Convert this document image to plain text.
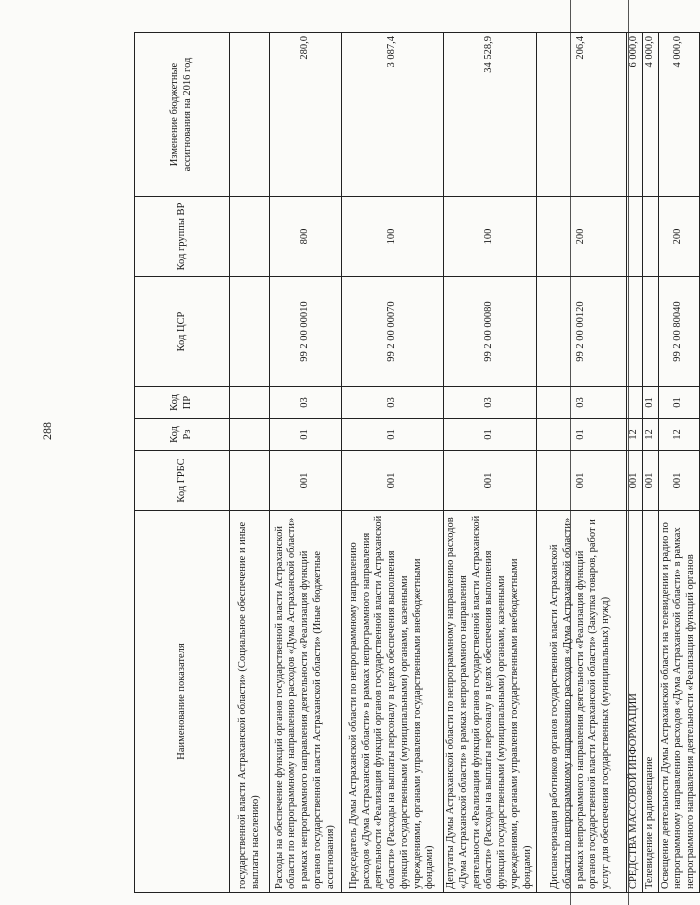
288
Наименование показателя	Код ГРБС	Код Рз	Код ПР	Код ЦСР	Код группы ВР	Изменение бюджетные ассигнования на 2016 год
государственной власти Астраханской области» (Социальное обеспечение и иные выплаты населению)						
Расходы на обеспечение функций органов государственной власти Астраханской области по непрограммному направлению расходов «Дума Астраханской области» в рамках непрограммного направления деятельности «Реализация функций органов государственной власти Астраханской области» (Иные бюджетные ассигнования)	001	01	03	99 2 00 00010	800	280,0
Председатель Думы Астраханской области по непрограммному направлению расходов «Дума Астраханской области» в рамках непрограммного направления деятельности «Реализация функций органов государственной власти Астраханской области» (Расходы на выплаты персоналу в целях обеспечения выполнения функций государственными (муниципальными) органами, казенными учреждениями, органами управления государственными внебюджетными фондами)	001	01	03	99 2 00 00070	100	3 087,4
Депутаты Думы Астраханской области по непрограммному направлению расходов «Дума Астраханской области» в рамках непрограммного направления деятельности «Реализация функций органов государственной власти Астраханской области» (Расходы на выплаты персоналу в целях обеспечения выполнения функций государственными (муниципальными) органами, казенными учреждениями, органами управления государственными внебюджетными фондами)	001	01	03	99 2 00 00080	100	34 528,9
Диспансеризация работников органов государственной власти Астраханской области по непрограммному направлению расходов «Дума Астраханской области» в рамках непрограммного направления деятельности «Реализация функций органов государственной власти Астраханской области» (Закупка товаров, работ и услуг для обеспечения государственных (муниципальных) нужд)	001	01	03	99 2 00 00120	200	206,4
СРЕДСТВА МАССОВОЙ ИНФОРМАЦИИ	001	12				6 000,0
Телевидение и радиовещание	001	12	01			4 000,0
Освещение деятельности Думы Астраханской области на телевидении и радио по непрограммному направлению расходов «Дума Астраханской области» в рамках непрограммного направления деятельности «Реализация функций органов	001	12	01	99 2 00 80040	200	4 000,0
